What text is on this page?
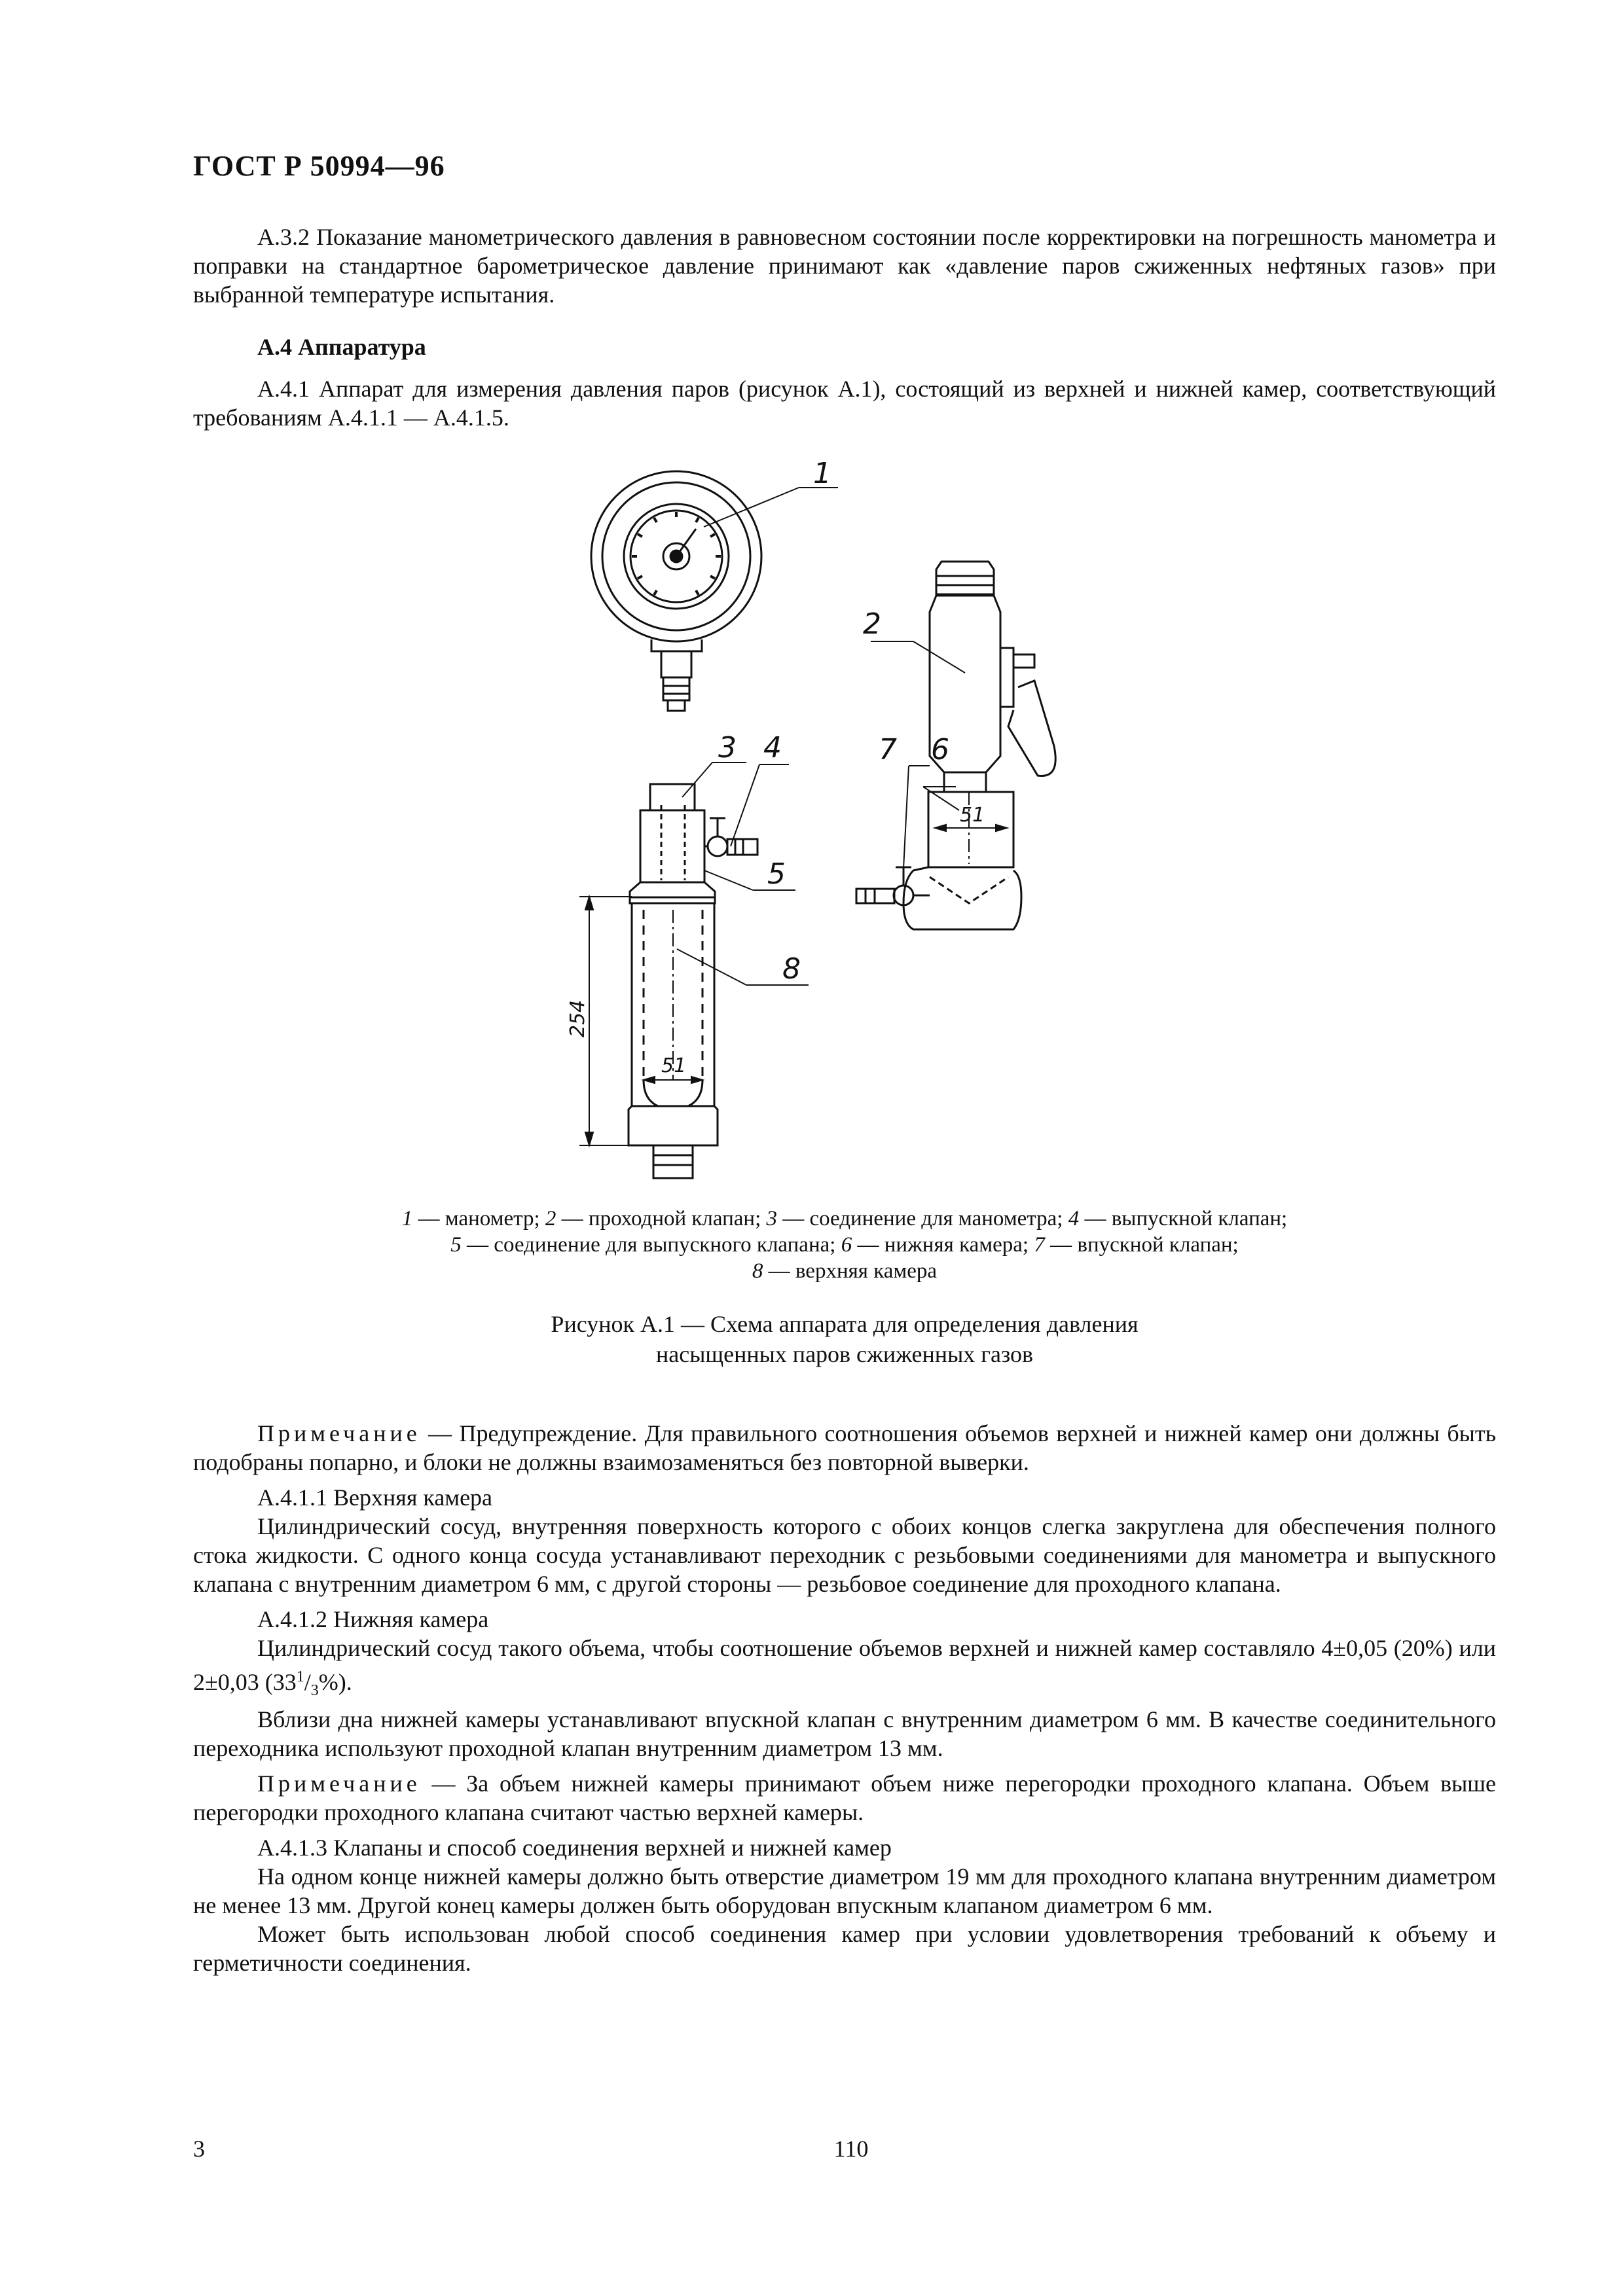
ГОСТ Р 50994—96

А.3.2 Показание манометрического давления в равновесном состоянии после корректировки на погрешность манометра и поправки на стандартное барометрическое давление принимают как «давление паров сжиженных нефтяных газов» при выбранной температуре испытания.

А.4 Аппаратура

А.4.1 Аппарат для измерения давления паров (рисунок А.1), состоящий из верхней и нижней камер, соответствующий требованиям А.4.1.1 — А.4.1.5.

1
2
3 4
5
6
7
8
254
51
51
1 — манометр; 2 — проходной клапан; 3 — соединение для манометра; 4 — выпускной клапан;
5 — соединение для выпускного клапана; 6 — нижняя камера; 7 — впускной клапан;
8 — верхняя камера
Рисунок А.1 — Схема аппарата для определения давления
насыщенных паров сжиженных газов

Примечание — Предупреждение. Для правильного соотношения объемов верхней и нижней камер они должны быть подобраны попарно, и блоки не должны взаимозаменяться без повторной выверки.

А.4.1.1 Верхняя камера

Цилиндрический сосуд, внутренняя поверхность которого с обоих концов слегка закруглена для обеспечения полного стока жидкости. С одного конца сосуда устанавливают переходник с резьбовыми соединениями для манометра и выпускного клапана с внутренним диаметром 6 мм, с другой стороны — резьбовое соединение для проходного клапана.

А.4.1.2 Нижняя камера

Цилиндрический сосуд такого объема, чтобы соотношение объемов верхней и нижней камер составляло 4±0,05 (20%) или 2±0,03 $(33^1/_3\%)$.

Вблизи дна нижней камеры устанавливают впускной клапан с внутренним диаметром 6 мм. В качестве соединительного переходника используют проходной клапан внутренним диаметром 13 мм.

Примечание — За объем нижней камеры принимают объем ниже перегородки проходного клапана. Объем выше перегородки проходного клапана считают частью верхней камеры.

А.4.1.3 Клапаны и способ соединения верхней и нижней камер

На одном конце нижней камеры должно быть отверстие диаметром 19 мм для проходного клапана внутренним диаметром не менее 13 мм. Другой конец камеры должен быть оборудован впускным клапаном диаметром 6 мм.

Может быть использован любой способ соединения камер при условии удовлетворения требований к объему и герметичности соединения.

3	110
